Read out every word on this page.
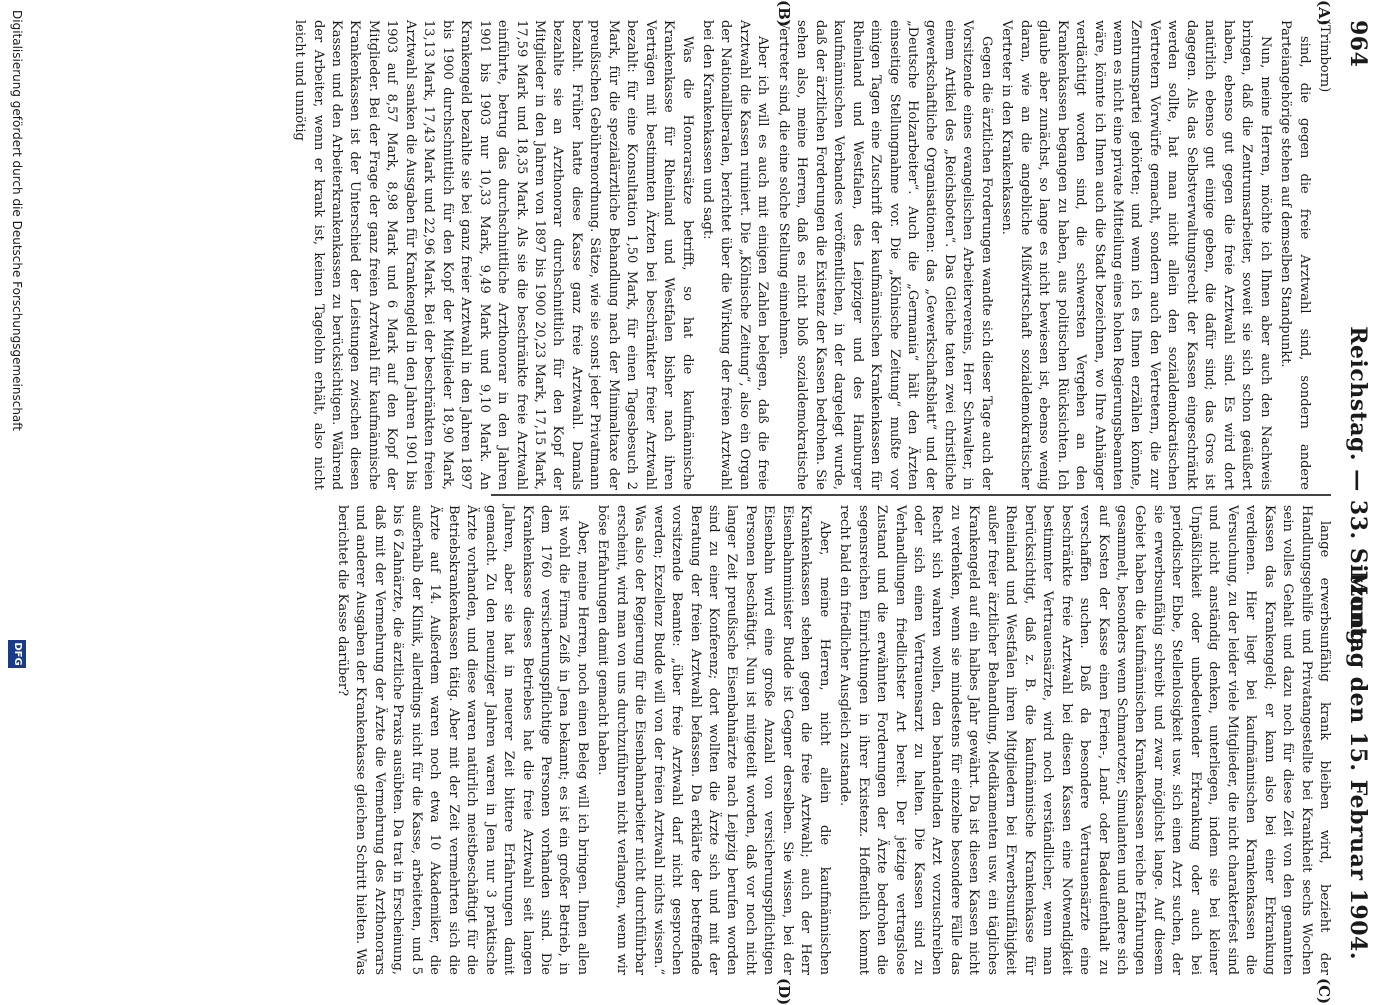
964
Reichstag. — 33. Sitzung.
Montag den 15. Februar 1904.
(A)
(B)
(C)
(D)

(Trimborn)

sind, die gegen die freie Arztwahl sind, sondern andere Parteiangehörige stehen auf demselben Standpunkt.

Nun, meine Herren, möchte ich Ihnen aber auch den Nachweis bringen, daß die Zentrumsarbeiter, soweit sie sich schon geäußert haben, ebenso gut gegen die freie Arztwahl sind. Es wird dort natürlich ebenso gut einige geben, die dafür sind; das Gros ist dagegen. Als das Selbstverwaltungsrecht der Kassen eingeschränkt werden sollte, hat man nicht allein den sozialdemokratischen Vertretern Vorwürfe gemacht, sondern auch den Vertretern, die zur Zentrumspartei gehörten; und wenn ich es Ihnen erzählen könnte, wenn es nicht eine private Mitteilung eines hohen Regierungsbeamten wäre, könnte ich Ihnen auch die Stadt bezeichnen, wo Ihre Anhänger verdächtigt worden sind, die schwersten Vergehen an den Krankenkassen begangen zu haben, aus politischen Rücksichten. Ich glaube aber zunächst, so lange es nicht bewiesen ist, ebenso wenig daran, wie an die angebliche Mißwirtschaft sozialdemokratischer Vertreter in den Krankenkassen.

Gegen die ärztlichen Forderungen wandte sich dieser Tage auch der Vorsitzende eines evangelischen Arbeitervereins, Herr Schwalter, in einem Artikel des „Reichsboten“. Das Gleiche taten zwei christliche gewerkschaftliche Organisationen: das „Gewerkschaftsblatt“ und der „Deutsche Holzarbeiter“. Auch die „Germania“ hält den Ärzten einseitige Stellungnahme vor. Die „Kölnische Zeitung“ mußte vor einigen Tagen eine Zuschrift der kaufmännischen Krankenkassen für Rheinland und Westfalen, des Leipziger und des Hamburger kaufmännischen Verbandes veröffentlichen, in der dargelegt wurde, daß der ärztlichen Forderungen die Existenz der Kassen bedrohen. Sie sehen also, meine Herren, daß es nicht bloß sozialdemokratische Vertreter sind, die eine solche Stellung einnehmen.

Aber ich will es auch mit einigen Zahlen belegen, daß die freie Arztwahl die Kassen ruiniert. Die „Kölnische Zeitung“, also ein Organ der Nationalliberalen, berichtet über die Wirkung der freien Arztwahl bei den Krankenkassen und sagt:

Was die Honorarsätze betrifft, so hat die kaufmännische Krankenkasse für Rheinland und Westfalen bisher nach ihren Verträgen mit bestimmten Ärzten bei beschränkter freier Arztwahl bezahlt: für eine Konsultation 1,50 Mark, für einen Tagesbesuch 2 Mark, für die spezialärztliche Behandlung nach der Minimaltaxe der preußischen Gebührenordnung. Sätze, wie sie sonst jeder Privatmann bezahlt. Früher hatte diese Kasse ganz freie Arztwahl. Damals bezahlte sie an Arzthonorar durchschnittlich für den Kopf der Mitglieder in den Jahren von 1897 bis 1900 20,23 Mark, 17,15 Mark, 17,59 Mark und 18,35 Mark. Als sie die beschränkte freie Arztwahl einführte, betrug das durchschnittliche Arzthonorar in den Jahren 1901 bis 1903 nur 10,33 Mark, 9,49 Mark und 9,10 Mark. An Krankengeld bezahlte sie bei ganz freier Arztwahl in den Jahren 1897 bis 1900 durchschnittlich für den Kopf der Mitglieder 18,90 Mark, 13,13 Mark, 17,43 Mark und 22,96 Mark. Bei der beschränkten freien Arztwahl sanken die Ausgaben für Krankengeld in den Jahren 1901 bis 1903 auf 8,57 Mark, 8,98 Mark und 6 Mark auf den Kopf der Mitglieder. Bei der Frage der ganz freien Arztwahl für kaufmännische Krankenkassen ist der Unterschied der Leistungen zwischen diesen Kassen und den Arbeiterkrankenkassen zu berücksichtigen. Während der Arbeiter, wenn er krank ist, keinen Tagelohn erhält, also nicht leicht und unnötig

lange erwerbsunfähig krank bleiben wird, bezieht der Handlungsgehilfe und Privatangestellte bei Krankheit sechs Wochen sein volles Gehalt und dazu noch für diese Zeit von den genannten Kassen das Krankengeld; er kann also bei einer Erkrankung verdienen. Hier liegt bei kaufmännischen Krankenkassen die Versuchung, zu der leider viele Mitglieder, die nicht charakterfest sind und nicht anständig denken, unterliegen, indem sie bei kleiner Unpäßlichkeit oder unbedeutender Erkrankung oder auch bei periodischer Ebbe, Stellenlosigkeit usw. sich einen Arzt suchen, der sie erwerbsunfähig schreibt und zwar möglichst lange. Auf diesem Gebiet haben die kaufmännischen Krankenkassen reiche Erfahrungen gesammelt, besonders wenn Schmarotzer, Simulanten und andere sich auf Kosten der Kasse einen Ferien-, Land- oder Badeaufenthalt zu verschaffen suchen. Daß da besondere Vertrauensärzte eine beschränkte freie Arztwahl bei diesen Kassen eine Notwendigkeit bestimmter Vertrauensärzte, wird noch verständlicher, wenn man berücksichtigt, daß z. B. die kaufmännische Krankenkasse für Rheinland und Westfalen ihren Mitgliedern bei Erwerbsunfähigkeit außer freier ärztlicher Behandlung, Medikamenten usw. ein tägliches Krankengeld auf ein halbes Jahr gewährt. Da ist diesen Kassen nicht zu verdenken, wenn sie mindestens für einzelne besondere Fälle das Recht sich wahren wollen, den behandelnden Arzt vorzuschreiben oder sich einen Vertrauensarzt zu halten. Die Kassen sind zu Verhandlungen friedlichster Art bereit. Der jetzige vertragslose Zustand und die erwähnten Forderungen der Ärzte bedrohen die segensreichen Einrichtungen in ihrer Existenz. Hoffentlich kommt recht bald ein friedlicher Ausgleich zustande.

Aber, meine Herren, nicht allein die kaufmännischen Krankenkassen stehen gegen die freie Arztwahl; auch der Herr Eisenbahnminister Budde ist Gegner derselben. Sie wissen, bei der Eisenbahn wird eine große Anzahl von versicherungspflichtigen Personen beschäftigt. Nun ist mitgeteilt worden, daß vor noch nicht langer Zeit preußische Eisenbahnärzte nach Leipzig berufen worden sind zu einer Konferenz; dort wollten die Ärzte sich und mit der Beratung der freien Arztwahl befassen. Da erklärte der betreffende vorsitzende Beamte: „über freie Arztwahl darf nicht gesprochen werden; Exzellenz Budde will von der freien Arztwahl nichts wissen.“ Was also der Regierung für die Eisenbahnarbeiter nicht durchführbar erscheint, wird man von uns durchzuführen nicht verlangen, wenn wir böse Erfahrungen damit gemacht haben.

Aber, meine Herren, noch einen Beleg will ich bringen. Ihnen allen ist wohl die Firma Zeiß in Jena bekannt; es ist ein großer Betrieb, in dem 1760 versicherungspflichtige Personen vorhanden sind. Die Krankenkasse dieses Betriebes hat die freie Arztwahl seit langen Jahren, aber sie hat in neuerer Zeit bittere Erfahrungen damit gemacht. Zu den neunziger Jahren waren in Jena nur 3 praktische Ärzte vorhanden, und diese waren natürlich meistbeschäftigt für die Betriebskrankenkassen tätig. Aber mit der Zeit vermehrten sich die Ärzte auf 14. Außerdem waren noch etwa 10 Akademiker, die außerhalb der Klinik, allerdings nicht für die Kasse, arbeiteten, und 5 bis 6 Zahnärzte, die ärztliche Praxis ausübten. Da trat in Erscheinung, daß mit der Vermehrung der Ärzte die Vermehrung des Arzthonorars und anderer Ausgaben der Krankenkasse gleichen Schritt hielten. Was berichtet die Kasse darüber?

Digitalisierung gefördert durch die Deutsche Forschungsgemeinschaft
DFG
